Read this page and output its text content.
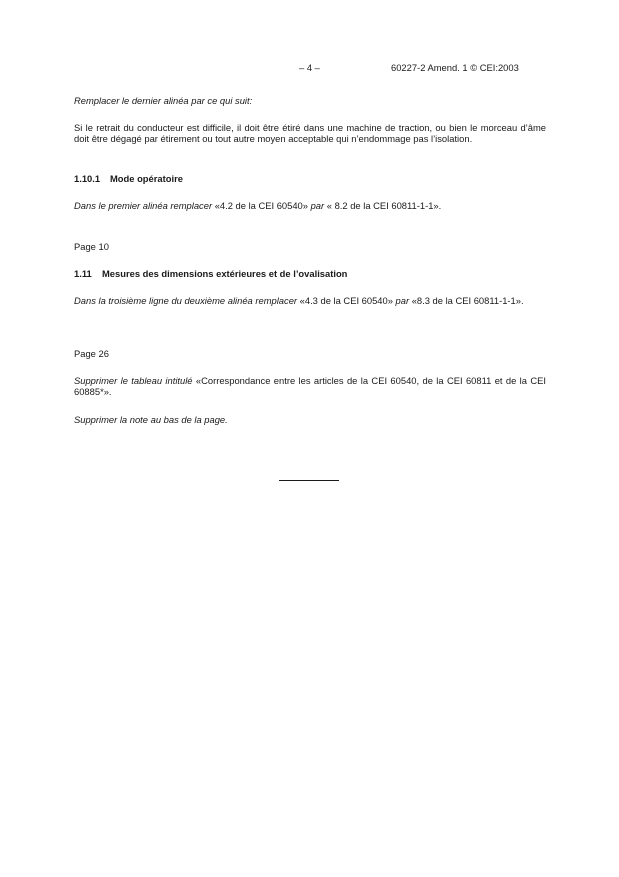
– 4 –	60227-2 Amend. 1 © CEI:2003
Remplacer le dernier alinéa par ce qui suit:
Si le retrait du conducteur est difficile, il doit être étiré dans une machine de traction, ou bien le morceau d’âme doit être dégagé par étirement ou tout autre moyen acceptable qui n’endommage pas l’isolation.
1.10.1 Mode opératoire
Dans le premier alinéa remplacer «4.2 de la CEI 60540» par « 8.2 de la CEI 60811-1-1».
Page 10
1.11 Mesures des dimensions extérieures et de l’ovalisation
Dans la troisième ligne du deuxième alinéa remplacer «4.3 de la CEI 60540» par «8.3 de la CEI 60811-1-1».
Page 26
Supprimer le tableau intitulé «Correspondance entre les articles de la CEI 60540, de la CEI 60811 et de la CEI 60885*».
Supprimer la note au bas de la page.
